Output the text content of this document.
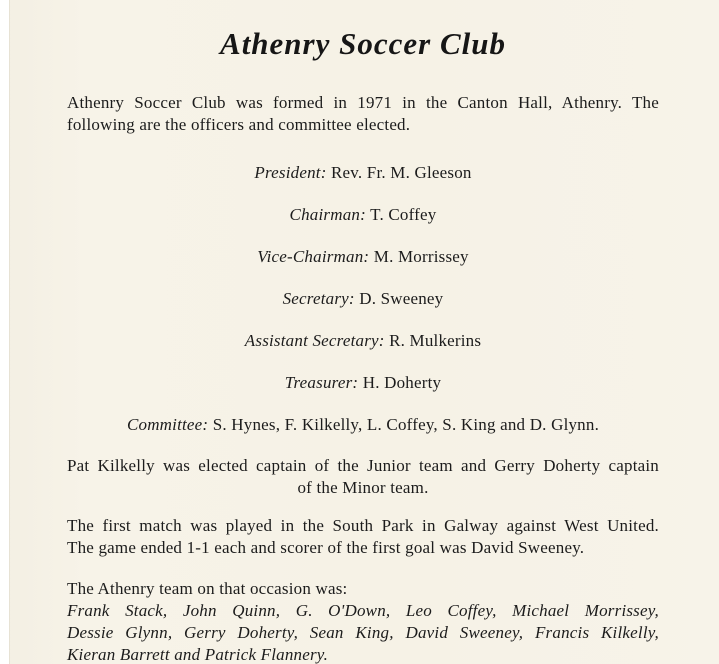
Athenry Soccer Club
Athenry Soccer Club was formed in 1971 in the Canton Hall, Athenry. The
following are the officers and committee elected.
President: Rev. Fr. M. Gleeson
Chairman: T. Coffey
Vice-Chairman: M. Morrissey
Secretary: D. Sweeney
Assistant Secretary: R. Mulkerins
Treasurer: H. Doherty
Committee: S. Hynes, F. Kilkelly, L. Coffey, S. King and D. Glynn.
Pat Kilkelly was elected captain of the Junior team and Gerry Doherty captain
of the Minor team.
The first match was played in the South Park in Galway against West United.
The game ended 1-1 each and scorer of the first goal was David Sweeney.
The Athenry team on that occasion was:
Frank Stack, John Quinn, G. O'Down, Leo Coffey, Michael Morrissey,
Dessie Glynn, Gerry Doherty, Sean King, David Sweeney, Francis Kilkelly,
Kieran Barrett and Patrick Flannery.
